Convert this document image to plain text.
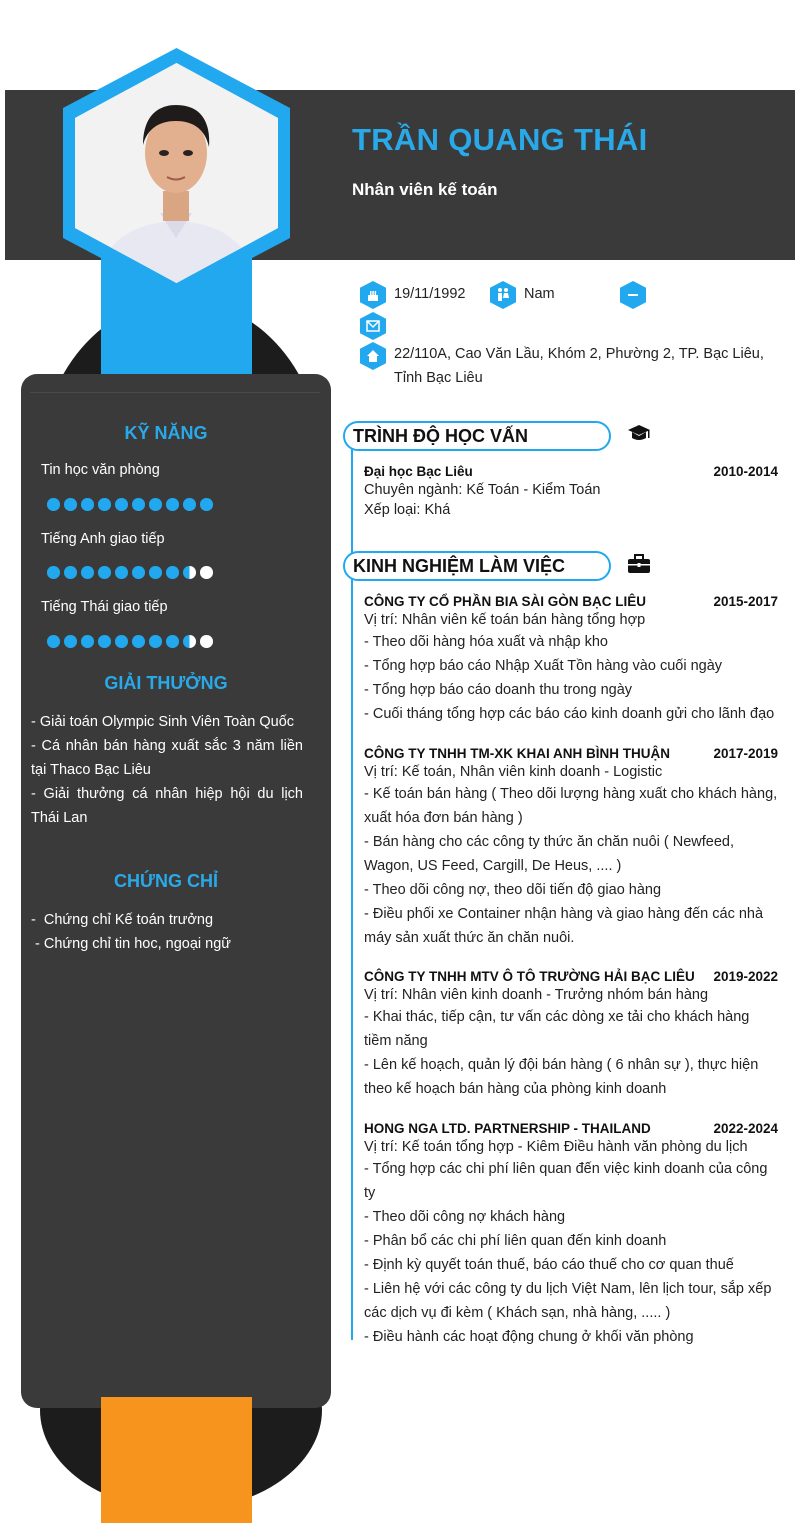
TRẦN QUANG THÁI
Nhân viên kế toán
19/11/1992	Nam
22/110A, Cao Văn Lầu, Khóm 2, Phường 2, TP. Bạc Liêu,
Tỉnh Bạc Liêu
KỸ NĂNG
Tin học văn phòng
Tiếng Anh giao tiếp
Tiếng Thái giao tiếp
GIẢI THƯỞNG
- Giải toán Olympic Sinh Viên Toàn Quốc
- Cá nhân bán hàng xuất sắc 3 năm liền tại Thaco Bạc Liêu
- Giải thưởng cá nhân hiệp hội du lịch Thái Lan
CHỨNG CHỈ
-  Chứng chỉ Kế toán trưởng
- Chứng chỉ tin hoc, ngoại ngữ
TRÌNH ĐỘ HỌC VẤN
Đại học Bạc Liêu	2010-2014
Chuyên ngành: Kế Toán - Kiểm Toán
Xếp loại: Khá
KINH NGHIỆM LÀM VIỆC
CÔNG TY CỔ PHẦN BIA SÀI GÒN BẠC LIÊU	2015-2017
Vị trí: Nhân viên kế toán bán hàng tổng hợp
- Theo dõi hàng hóa xuất và nhập kho
- Tổng hợp báo cáo Nhập Xuất Tồn hàng vào cuối ngày
- Tổng hợp báo cáo doanh thu trong ngày
- Cuối tháng tổng hợp các báo cáo kinh doanh gửi cho lãnh đạo
CÔNG TY TNHH TM-XK KHAI ANH BÌNH THUẬN	2017-2019
Vị trí: Kế toán, Nhân viên kinh doanh - Logistic
- Kế toán bán hàng ( Theo dõi lượng hàng xuất cho khách hàng, xuất hóa đơn bán hàng )
- Bán hàng cho các công ty thức ăn chăn nuôi ( Newfeed, Wagon, US Feed, Cargill, De Heus, .... )
- Theo dõi công nợ, theo dõi tiến độ giao hàng
- Điều phối xe Container nhận hàng và giao hàng đến các nhà máy sản xuất thức ăn chăn nuôi.
CÔNG TY TNHH MTV Ô TÔ TRƯỜNG HẢI BẠC LIÊU 2019-2022
Vị trí: Nhân viên kinh doanh - Trưởng nhóm bán hàng
- Khai thác, tiếp cận, tư vấn các dòng xe tải cho khách hàng tiềm năng
- Lên kế hoạch, quản lý đội bán hàng ( 6 nhân sự ), thực hiện theo kế hoạch bán hàng của phòng kinh doanh
HONG NGA LTD. PARTNERSHIP - THAILAND	2022-2024
Vị trí: Kế toán tổng hợp - Kiêm Điều hành văn phòng du lịch
- Tổng hợp các chi phí liên quan đến việc kinh doanh của công ty
- Theo dõi công nợ khách hàng
- Phân bổ các chi phí liên quan đến kinh doanh
- Định kỳ quyết toán thuế, báo cáo thuế cho cơ quan thuế
- Liên hệ với các công ty du lịch Việt Nam, lên lịch tour, sắp xếp các dịch vụ đi kèm ( Khách sạn, nhà hàng, ..... )
- Điều hành các hoạt động chung ở khối văn phòng
